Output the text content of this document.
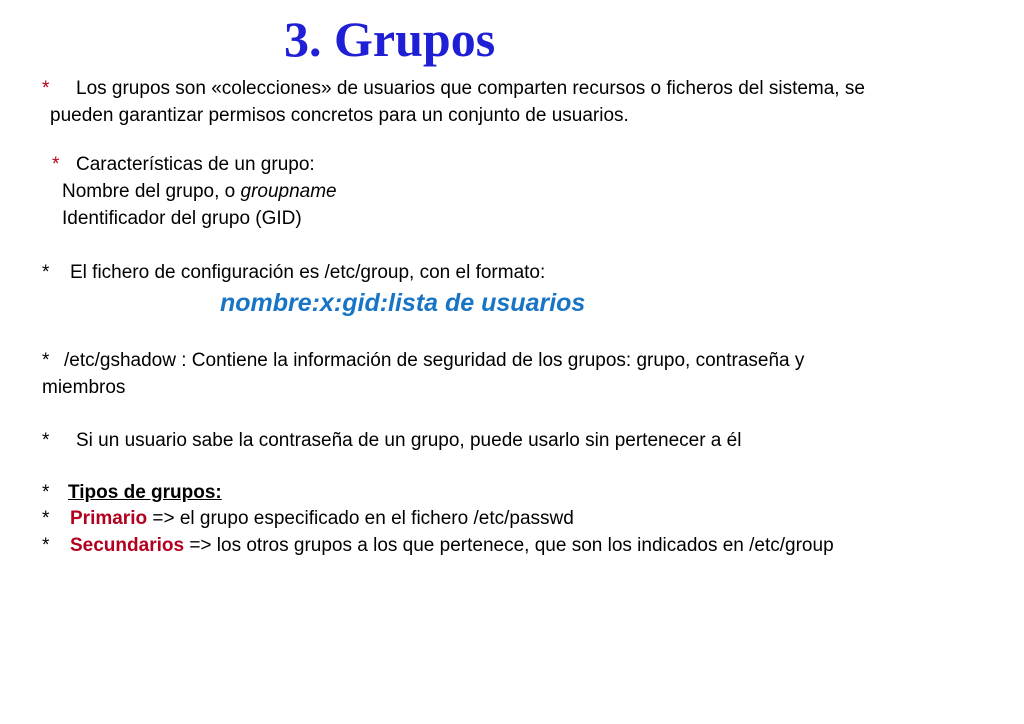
3. Grupos
* Los grupos son «colecciones» de usuarios que comparten recursos o ficheros del sistema, se
pueden garantizar permisos concretos para un conjunto de usuarios.
* Características de un grupo:
Nombre del grupo, o groupname
Identificador del grupo (GID)
* El fichero de configuración es /etc/group, con el formato:
nombre:x:gid:lista de usuarios
* /etc/gshadow : Contiene la información de seguridad de los grupos: grupo, contraseña y
miembros
* Si un usuario sabe la contraseña de un grupo, puede usarlo sin pertenecer a él
* Tipos de grupos:
* Primario => el grupo especificado en el fichero /etc/passwd
* Secundarios => los otros grupos a los que pertenece, que son los indicados en /etc/group
